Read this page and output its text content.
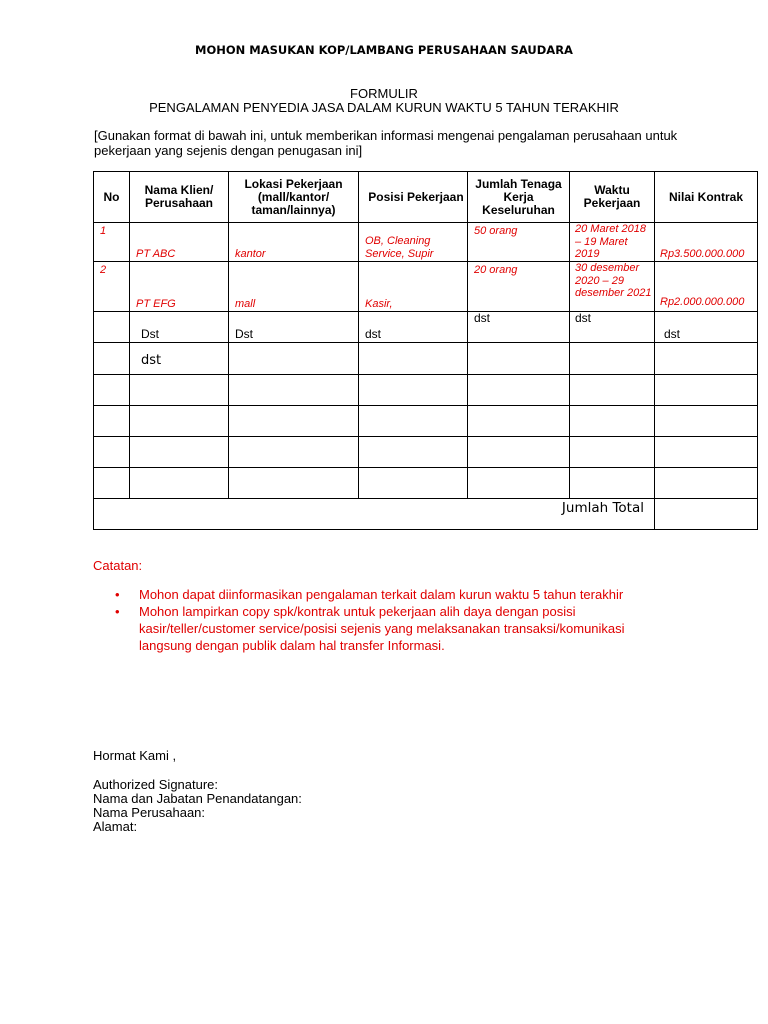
MOHON MASUKAN KOP/LAMBANG PERUSAHAAN SAUDARA
FORMULIR
PENGALAMAN PENYEDIA JASA DALAM KURUN WAKTU 5 TAHUN TERAKHIR
[Gunakan format di bawah ini, untuk memberikan informasi mengenai pengalaman perusahaan untuk
pekerjaan yang sejenis dengan penugasan ini]
No	Nama Klien/ Perusahaan	Lokasi Pekerjaan (mall/kantor/ taman/lainnya)	Posisi Pekerjaan	Jumlah Tenaga Kerja Keseluruhan	Waktu Pekerjaan	Nilai Kontrak

1	PT ABC	kantor	OB, Cleaning Service, Supir	50 orang	20 Maret 2018 – 19 Maret 2019	Rp3.500.000.000

2	PT EFG	mall	Kasir,	20 orang	30 desember 2020 – 29 desember 2021	Rp2.000.000.000

	Dst	Dst	dst	dst	dst	dst

	dst					

Jumlah Total						

Catatan:
• Mohon dapat diinformasikan pengalaman terkait dalam kurun waktu 5 tahun terakhir
• Mohon lampirkan copy spk/kontrak untuk pekerjaan alih daya dengan posisi kasir/teller/customer service/posisi sejenis yang melaksanakan transaksi/komunikasi langsung dengan publik dalam hal transfer Informasi.
Hormat Kami ,
Authorized Signature:
Nama dan Jabatan Penandatangan:
Nama Perusahaan:
Alamat:
